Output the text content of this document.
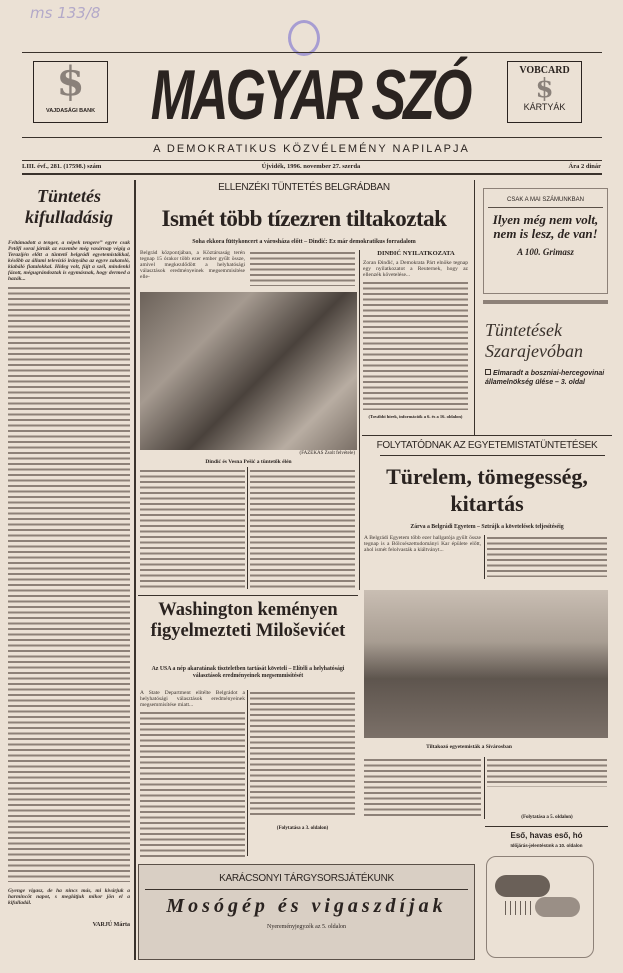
ms 133/8
$
VAJDASÁGI BANK	MAGYAR SZÓ	VOBCARD
$
KÁRTYÁK
A DEMOKRATIKUS KÖZVÉLEMÉNY NAPILAPJA
LIII. évf., 281. (17598.) szám	Újvidék, 1996. november 27. szerda	Ára 2 dinár
Tüntetés kifulladásig
Feltámadott a tenger, a népek tengere” egyre csak Petőfi sorai járták az eszembe még vasárnap végig a Terazijén előtt a tüntető belgrádi egyetemistákkal, később az állami televízió irányába az egyre zakatoló, kiabáló fiatalokkal. Hideg volt, fújt a szél, mindenki fázott, mégugrándoztak is egymásnak, hogy dermed a hazák...
Gyenge vigasz, de ha nincs más, mi kivárjuk a harmincöt napot, s meglátjuk mikor jön el a kifulladál.
VARJÚ Márta
ELLENZÉKI TÜNTETÉS BELGRÁDBAN
Ismét több tízezren tiltakoztak
Soha ekkora füttykoncert a városháza előtt – Dinđić: Ez már demokratikus forradalom
Belgrád központjában, a Köztársaság terén tegnap 15 órakor több ezer ember gyűlt össze, amivel megkezdődött a helyhatósági választások eredményeinek megsemmisítése elle-
(FAZEKAS Zsolt felvétele)
Dindić és Vesna Pešić a tüntetők élén
DINĐIĆ NYILATKOZATA
Zoran Đinđić, a Demokrata Párt elnöke tegnap egy nyilatkozatot a Reuternek, hogy az ellenzék követelése...
(További hírek, információk a 6. és a 16. oldalon)
CSAK A MAI SZÁMUNKBAN
Ilyen még nem volt, nem is lesz, de van!
A 100. Grimasz
Tüntetések Szarajevóban
Elmaradt a boszniai-hercegovinai államelnökség ülése – 3. oldal
FOLYTATÓDNAK AZ EGYETEMISTATÜNTETÉSEK
Türelem, tömegesség, kitartás
Zárva a Belgrádi Egyetem – Sztrájk a követelések teljesítéséig
A Belgrádi Egyetem több ezer hallgatója gyűlt össze tegnap is a Bölcsészettudományi Kar épülete előtt, ahol ismét felolvasták a kiáltványt...
Tiltakozó egyetemisták a Sívárosban
(Folytatása a 5. oldalon)
Washington keményen figyelmezteti Miloševićet
Az USA a nép akaratának tiszteletben tartását követeli – Elítéli a helyhatósági választások eredményeinek megsemmisítését
A State Department elítélte Belgrádot a helyhatósági választások eredményeinek megsemmisítése miatt...
(Folytatása a 3. oldalon)
KARÁCSONYI TÁRGYSORSJÁTÉKUNK
Mosógép és vigaszdíjak
Nyereményjegyzék az 5. oldalon
Eső, havas eső, hó
Időjárás-jelentésünk a 10. oldalon
